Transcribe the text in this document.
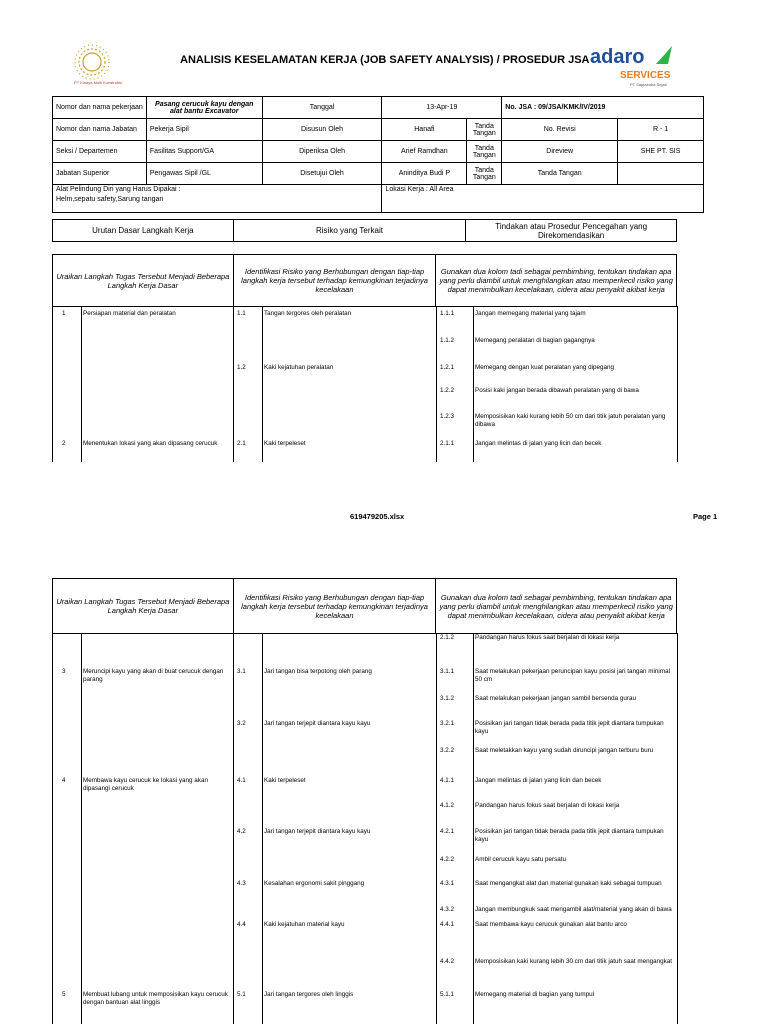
PT Kinaya Multi Konstruksi
ANALISIS KESELAMATAN KERJA (JOB SAFETY ANALYSIS) / PROSEDUR JSA adaro
SERVICES
PT Saptaindra Sejati
Nomor dan nama pekerjaan	Pasang cerucuk kayu dengan alat bantu Excavator	Tanggal	13-Apr-19		No. JSA : 09/JSA/KMK/IV/2019	
Nomor dan nama Jabatan	Pekerja Sipil	Disusun Oleh	Hanafi	Tanda Tangan	No. Revisi	R - 1
Seksi / Departemen	Fasilitas Support/GA	Diperiksa Oleh	Arief Ramdhan	Tanda Tangan	Direview	SHE PT. SIS
Jabatan Superior	Pengawas Sipil /GL	Disetujui Oleh	Aninditya Budi P	Tanda Tangan	Tanda Tangan	

Alat Pelindung Diri yang Harus Dipakai :
Helm,sepatu safety,Sarung tangan			Lokasi Kerja : All Area			
Urutan Dasar Langkah Kerja	Risiko yang Terkait	Tindakan atau Prosedur Pencegahan yang Direkomendasikan
Uraikan Langkah Tugas Tersebut Menjadi Beberapa Langkah Kerja Dasar	Identifikasi Risiko yang Berhubungan dengan tiap-tiap langkah kerja tersebut terhadap kemungkinan terjadinya kecelakaan	Gunakan dua kolom tadi sebagai pembimbing, tentukan tindakan apa yang perlu diambil untuk menghilangkan atau memperkecil risiko yang dapat menimbulkan kecelakaan, cidera atau penyakit akibat kerja
1	Persiapan material dan peralatan	1.1	Tangan tergores oleh peralatan	1.1.1	Jangan memegang material yang tajam
1.1.2	Memegang peralatan di bagian gagangnya
1.2	Kaki kejatuhan peralatan	1.2.1	Memegang dengan kuat peralatan yang dipegang
1.2.2	Posisi kaki jangan berada dibawah peralatan yang di bawa
1.2.3	Memposisikan kaki kurang lebih 50 cm dari titik jatuh peralatan yang dibawa
2	Menentukan lokasi yang akan dipasang cerucuk	2.1	Kaki terpeleset	2.1.1	Jangan melintas di jalan yang licin dan becek
619479205.xlsx	Page 1
Uraikan Langkah Tugas Tersebut Menjadi Beberapa Langkah Kerja Dasar	Identifikasi Risiko yang Berhubungan dengan tiap-tiap langkah kerja tersebut terhadap kemungkinan terjadinya kecelakaan	Gunakan dua kolom tadi sebagai pembimbing, tentukan tindakan apa yang perlu diambil untuk menghilangkan atau memperkecil risiko yang dapat menimbulkan kecelakaan, cidera atau penyakit akibat kerja
2.1.2	Pandangan harus fokus saat berjalan di lokasi kerja
3	Meruncipi kayu yang akan di buat cerucuk dengan parang
3.1	Jari tangan bisa terpotong oleh parang	3.1.1	Saat melakukan pekerjaan peruncipan kayu posisi jari tangan minimal 50 cm
3.1.2	Saat melakukan pekerjaan jangan sambil bersenda gurau
3.2	Jari tangan terjepit diantara kayu kayu	3.2.1	Posisikan jari tangan tidak berada pada titik jepit diantara tumpukan kayu
3.2.2	Saat meletakkan kayu yang sudah diruncipi jangan terburu buru
4	Membawa kayu cerucuk ke lokasi yang akan dipasangi cerucuk
4.1	Kaki terpeleset	4.1.1	Jangan melintas di jalan yang licin dan becek
4.1.2	Pandangan harus fokus saat berjalan di lokasi kerja
4.2	Jari tangan terjepit diantara kayu kayu	4.2.1	Posisikan jari tangan tidak berada pada titik jepit diantara tumpukan kayu
4.2.2	Ambil cerucuk kayu satu persatu
4.3	Kesalahan ergonomi sakit pinggang	4.3.1	Saat mengangkat alat dan material gunakan kaki sebagai tumpuan
4.3.2	Jangan membungkuk saat mengambil alat/material yang akan di bawa
4.4	Kaki kejatuhan material kayu	4.4.1	Saat membawa kayu cerucuk gunakan alat bantu arco
4.4.2	Memposisikan kaki kurang lebih 30 cm dari titik jatuh saat mengangkat
5	Membuat lubang untuk memposisikan kayu cerucuk dengan bantuan alat linggis
5.1	Jari tangan tergores oleh linggis	5.1.1	Memegang material di bagian yang tumpul
